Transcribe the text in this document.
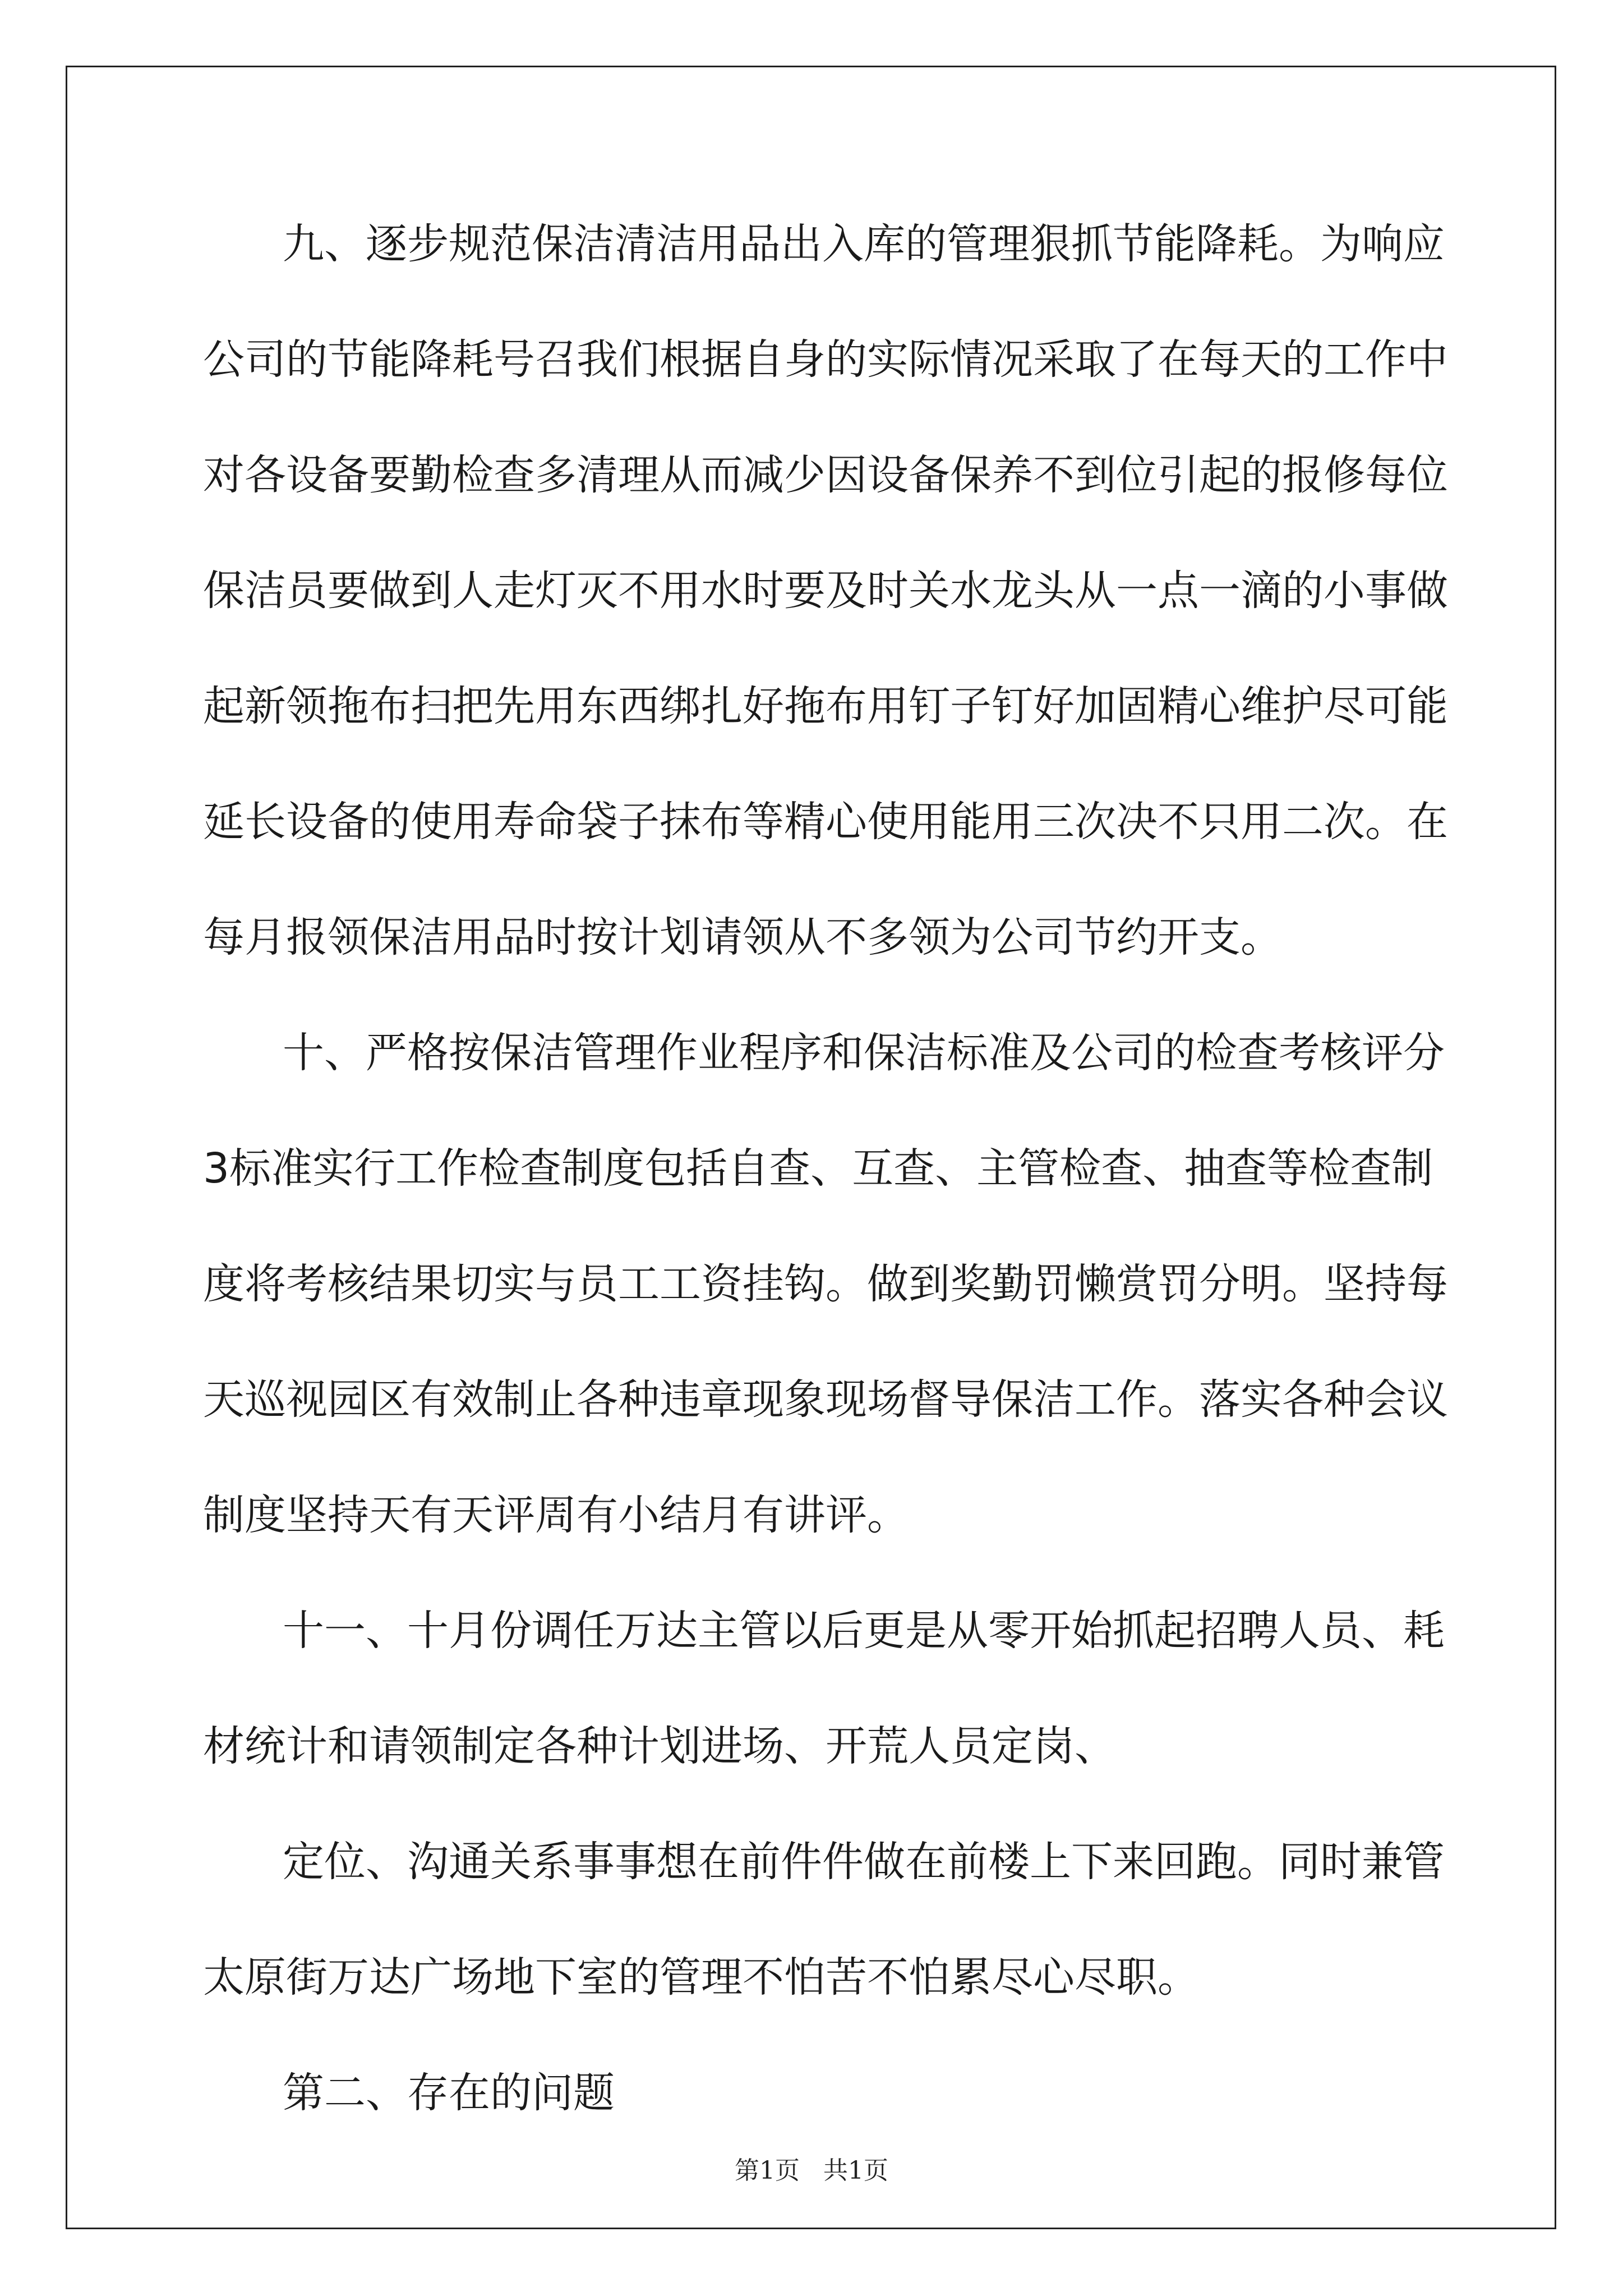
九、逐步规范保洁清洁用品出入库的管理狠抓节能降耗。为响应
公司的节能降耗号召我们根据自身的实际情况采取了在每天的工作中
对各设备要勤检查多清理从而减少因设备保养不到位引起的报修每位
保洁员要做到人走灯灭不用水时要及时关水龙头从一点一滴的小事做
起新领拖布扫把先用东西绑扎好拖布用钉子钉好加固精心维护尽可能
延长设备的使用寿命袋子抹布等精心使用能用三次决不只用二次。在
每月报领保洁用品时按计划请领从不多领为公司节约开支。
十、严格按保洁管理作业程序和保洁标准及公司的检查考核评分
3标准实行工作检查制度包括自查、互查、主管检查、抽查等检查制
度将考核结果切实与员工工资挂钩。做到奖勤罚懒赏罚分明。坚持每
天巡视园区有效制止各种违章现象现场督导保洁工作。落实各种会议
制度坚持天有天评周有小结月有讲评。
十一、十月份调任万达主管以后更是从零开始抓起招聘人员、耗
材统计和请领制定各种计划进场、开荒人员定岗、
定位、沟通关系事事想在前件件做在前楼上下来回跑。同时兼管
太原街万达广场地下室的管理不怕苦不怕累尽心尽职。
第二、存在的问题
第1页 共1页
